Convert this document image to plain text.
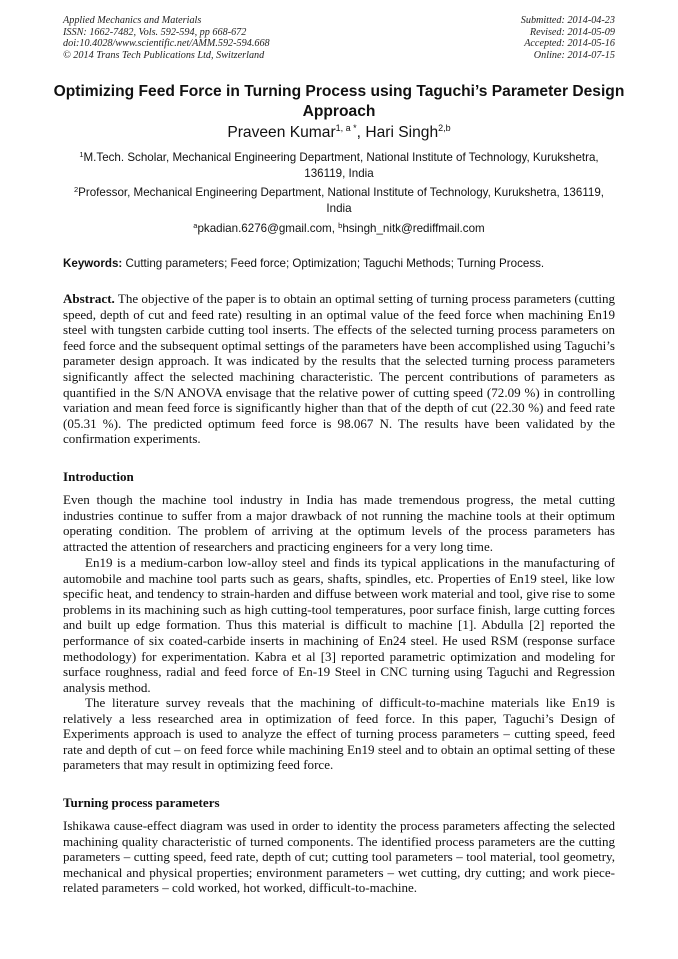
Applied Mechanics and Materials
ISSN: 1662-7482, Vols. 592-594, pp 668-672
doi:10.4028/www.scientific.net/AMM.592-594.668
© 2014 Trans Tech Publications Ltd, Switzerland
Submitted: 2014-04-23
Revised: 2014-05-09
Accepted: 2014-05-16
Online: 2014-07-15
Optimizing Feed Force in Turning Process using Taguchi’s Parameter Design Approach
Praveen Kumar$^{1, a *}$, Hari Singh$^{2,b}$
$^1$M.Tech. Scholar, Mechanical Engineering Department, National Institute of Technology, Kurukshetra, 136119, India
$^2$Professor, Mechanical Engineering Department, National Institute of Technology, Kurukshetra, 136119, India
$^a$pkadian.6276@gmail.com, $^b$hsingh_nitk@rediffmail.com
Keywords: Cutting parameters; Feed force; Optimization; Taguchi Methods; Turning Process.
Abstract. The objective of the paper is to obtain an optimal setting of turning process parameters (cutting speed, depth of cut and feed rate) resulting in an optimal value of the feed force when machining En19 steel with tungsten carbide cutting tool inserts. The effects of the selected turning process parameters on feed force and the subsequent optimal settings of the parameters have been accomplished using Taguchi’s parameter design approach. It was indicated by the results that the selected turning process parameters significantly affect the selected machining characteristic. The percent contributions of parameters as quantified in the S/N ANOVA envisage that the relative power of cutting speed (72.09 %) in controlling variation and mean feed force is significantly higher than that of the depth of cut (22.30 %) and feed rate (05.31 %). The predicted optimum feed force is 98.067 N. The results have been validated by the confirmation experiments.
Introduction
Even though the machine tool industry in India has made tremendous progress, the metal cutting industries continue to suffer from a major drawback of not running the machine tools at their optimum operating condition. The problem of arriving at the optimum levels of the process parameters has attracted the attention of researchers and practicing engineers for a very long time.
En19 is a medium-carbon low-alloy steel and finds its typical applications in the manufacturing of automobile and machine tool parts such as gears, shafts, spindles, etc. Properties of En19 steel, like low specific heat, and tendency to strain-harden and diffuse between work material and tool, give rise to some problems in its machining such as high cutting-tool temperatures, poor surface finish, large cutting forces and built up edge formation. Thus this material is difficult to machine [1]. Abdulla [2] reported the performance of six coated-carbide inserts in machining of En24 steel. He used RSM (response surface methodology) for experimentation. Kabra et al [3] reported parametric optimization and modeling for surface roughness, radial and feed force of En-19 Steel in CNC turning using Taguchi and Regression analysis method.
The literature survey reveals that the machining of difficult-to-machine materials like En19 is relatively a less researched area in optimization of feed force. In this paper, Taguchi’s Design of Experiments approach is used to analyze the effect of turning process parameters – cutting speed, feed rate and depth of cut – on feed force while machining En19 steel and to obtain an optimal setting of these parameters that may result in optimizing feed force.
Turning process parameters
Ishikawa cause-effect diagram was used in order to identity the process parameters affecting the selected machining quality characteristic of turned components. The identified process parameters are the cutting parameters – cutting speed, feed rate, depth of cut; cutting tool parameters – tool material, tool geometry, mechanical and physical properties; environment parameters – wet cutting, dry cutting; and work piece-related parameters – cold worked, hot worked, difficult-to-machine.
